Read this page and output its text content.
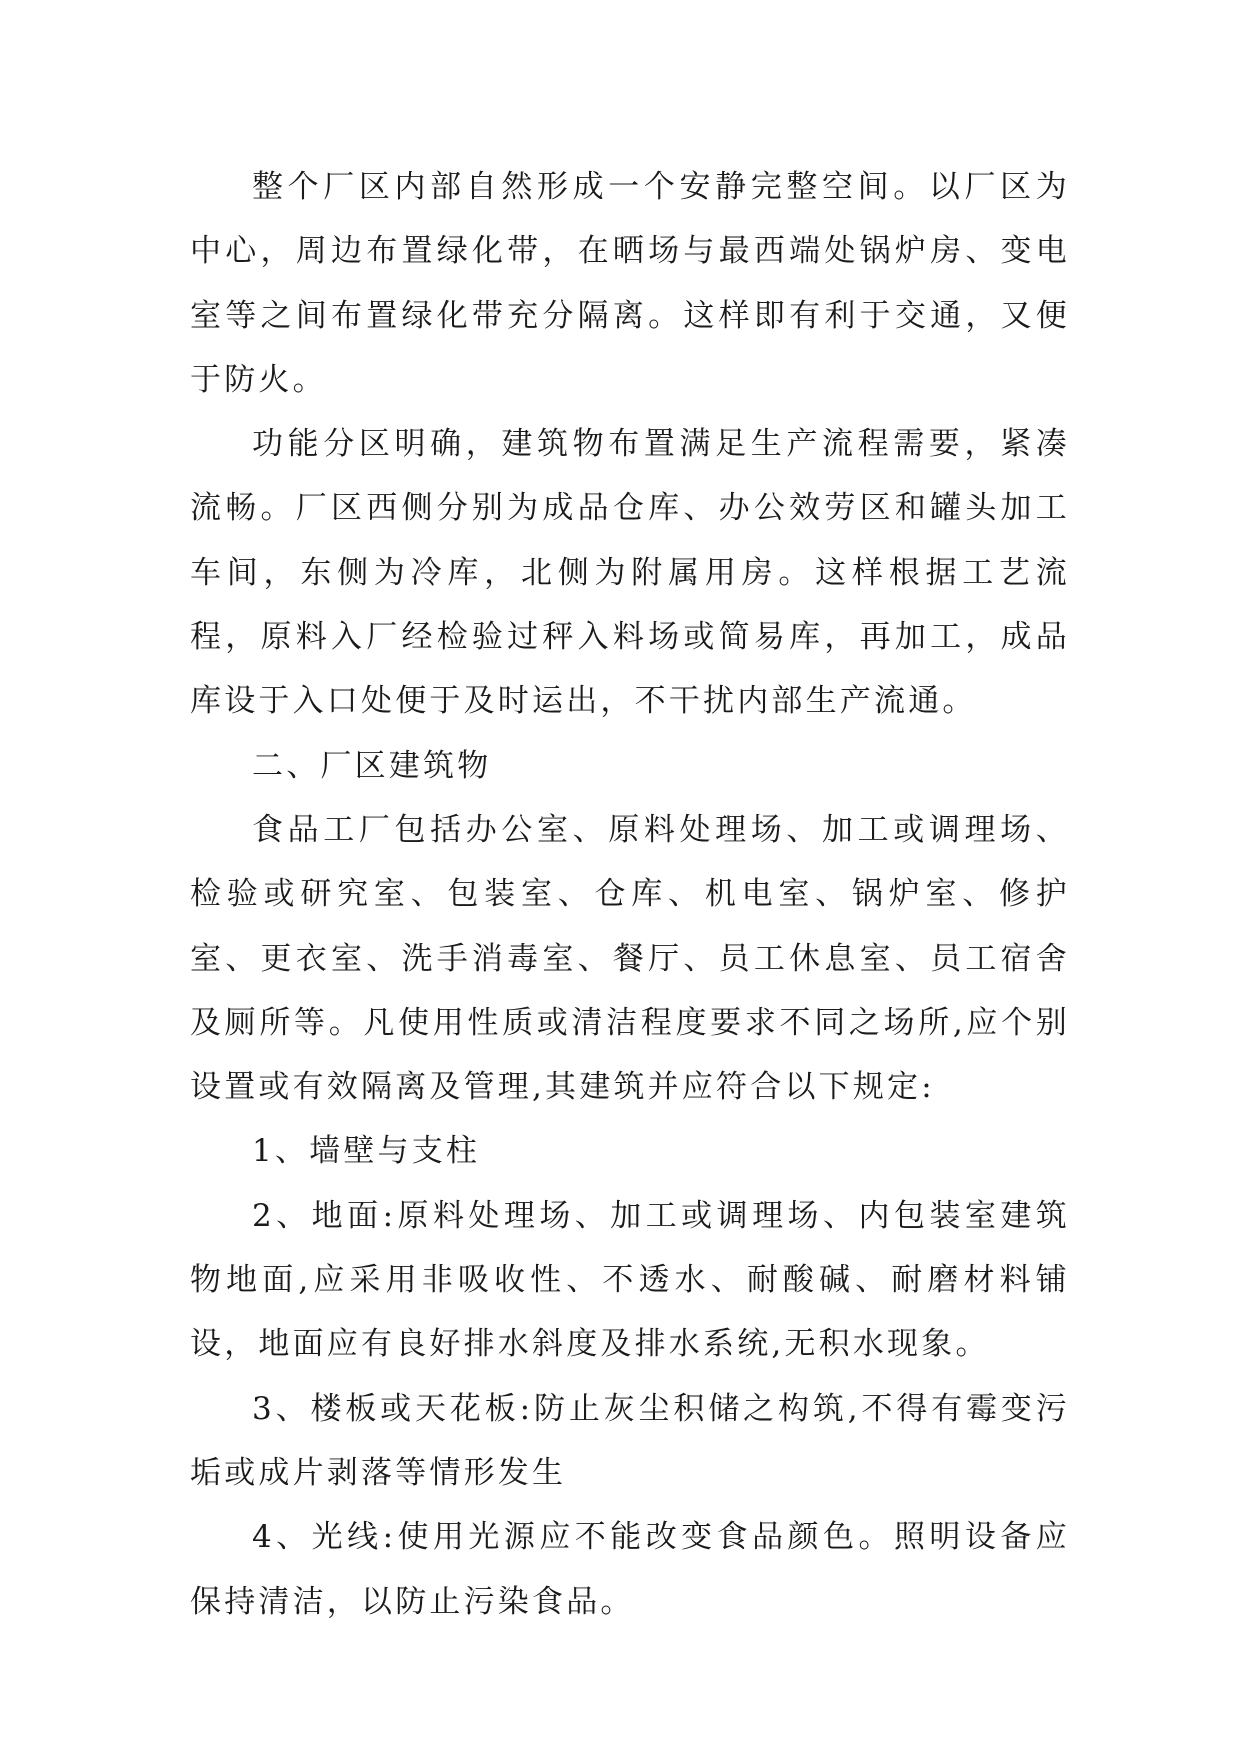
整个厂区内部自然形成一个安静完整空间。以厂区为中心，周边布置绿化带，在晒场与最西端处锅炉房、变电室等之间布置绿化带充分隔离。这样即有利于交通，又便于防火。

功能分区明确，建筑物布置满足生产流程需要，紧凑流畅。厂区西侧分别为成品仓库、办公效劳区和罐头加工车间，东侧为冷库，北侧为附属用房。这样根据工艺流程，原料入厂经检验过秤入料场或简易库，再加工，成品库设于入口处便于及时运出，不干扰内部生产流通。

二、厂区建筑物

食品工厂包括办公室、原料处理场、加工或调理场、检验或研究室、包装室、仓库、机电室、锅炉室、修护室、更衣室、洗手消毒室、餐厅、员工休息室、员工宿舍及厕所等。凡使用性质或清洁程度要求不同之场所,应个别设置或有效隔离及管理,其建筑并应符合以下规定:

1、墙壁与支柱

2、地面:原料处理场、加工或调理场、内包装室建筑物地面,应采用非吸收性、不透水、耐酸碱、耐磨材料铺设，地面应有良好排水斜度及排水系统,无积水现象。

3、楼板或天花板:防止灰尘积储之构筑,不得有霉变污垢或成片剥落等情形发生

4、光线:使用光源应不能改变食品颜色。照明设备应保持清洁，以防止污染食品。
